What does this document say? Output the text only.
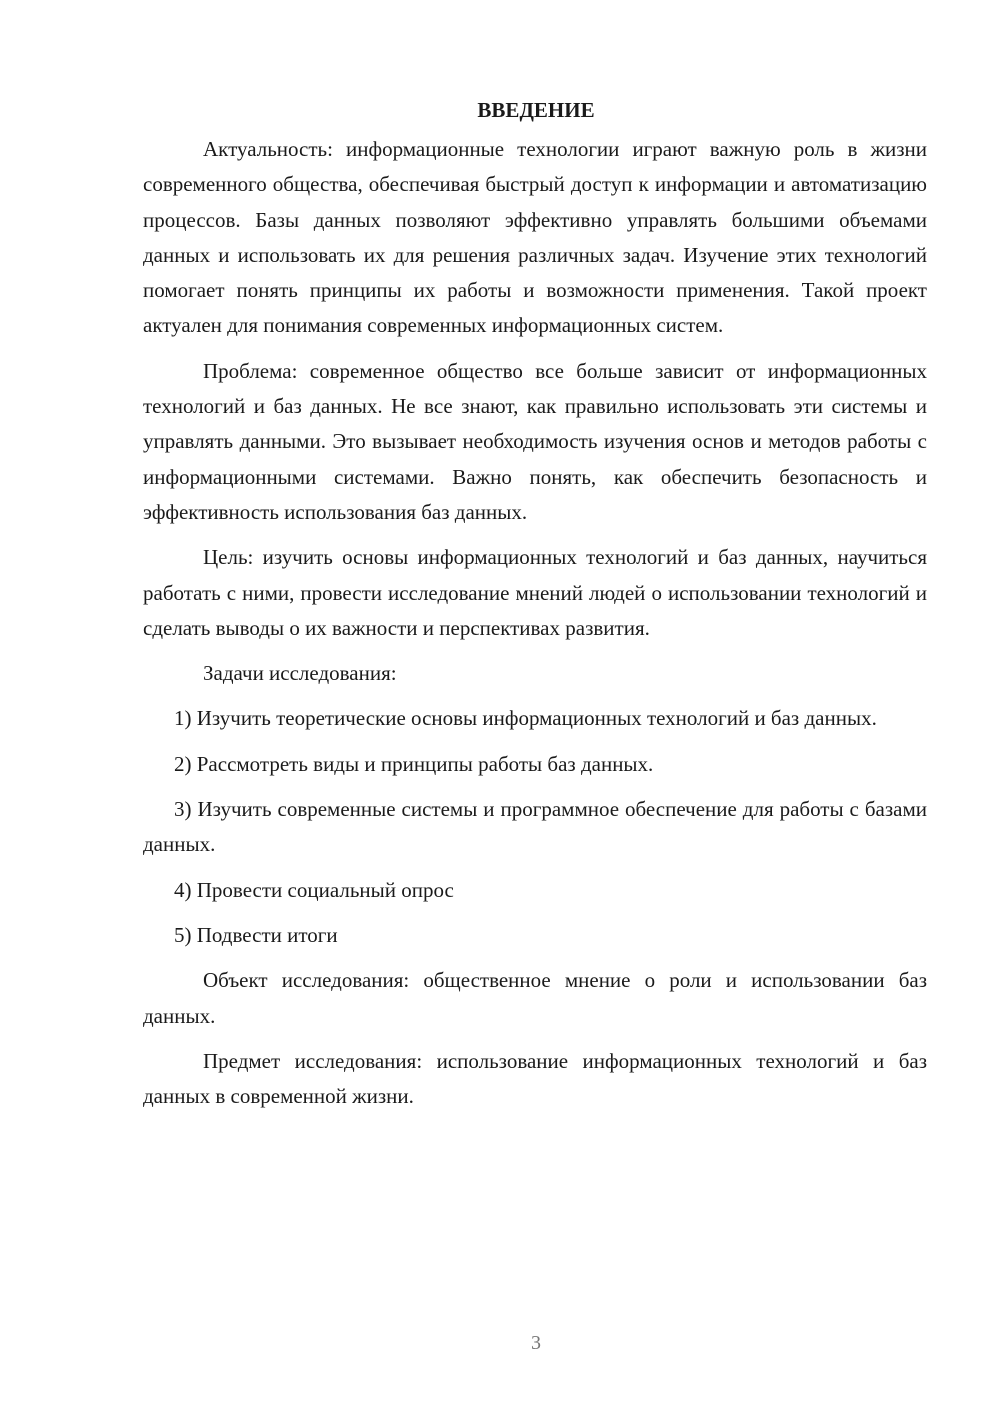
ВВЕДЕНИЕ

Актуальность: информационные технологии играют важную роль в жизни современного общества, обеспечивая быстрый доступ к информации и автоматизацию процессов. Базы данных позволяют эффективно управлять большими объемами данных и использовать их для решения различных задач. Изучение этих технологий помогает понять принципы их работы и возможности применения. Такой проект актуален для понимания современных информационных систем.

Проблема: современное общество все больше зависит от информационных технологий и баз данных. Не все знают, как правильно использовать эти системы и управлять данными. Это вызывает необходимость изучения основ и методов работы с информационными системами. Важно понять, как обеспечить безопасность и эффективность использования баз данных.

Цель: изучить основы информационных технологий и баз данных, научиться работать с ними, провести исследование мнений людей о использовании технологий и сделать выводы о их важности и перспективах развития.

Задачи исследования:

1) Изучить теоретические основы информационных технологий и баз данных.

2) Рассмотреть виды и принципы работы баз данных.

3) Изучить современные системы и программное обеспечение для работы с базами данных.

4) Провести социальный опрос

5) Подвести итоги

Объект исследования: общественное мнение о роли и использовании баз данных.

Предмет исследования: использование информационных технологий и баз данных в современной жизни.

3
